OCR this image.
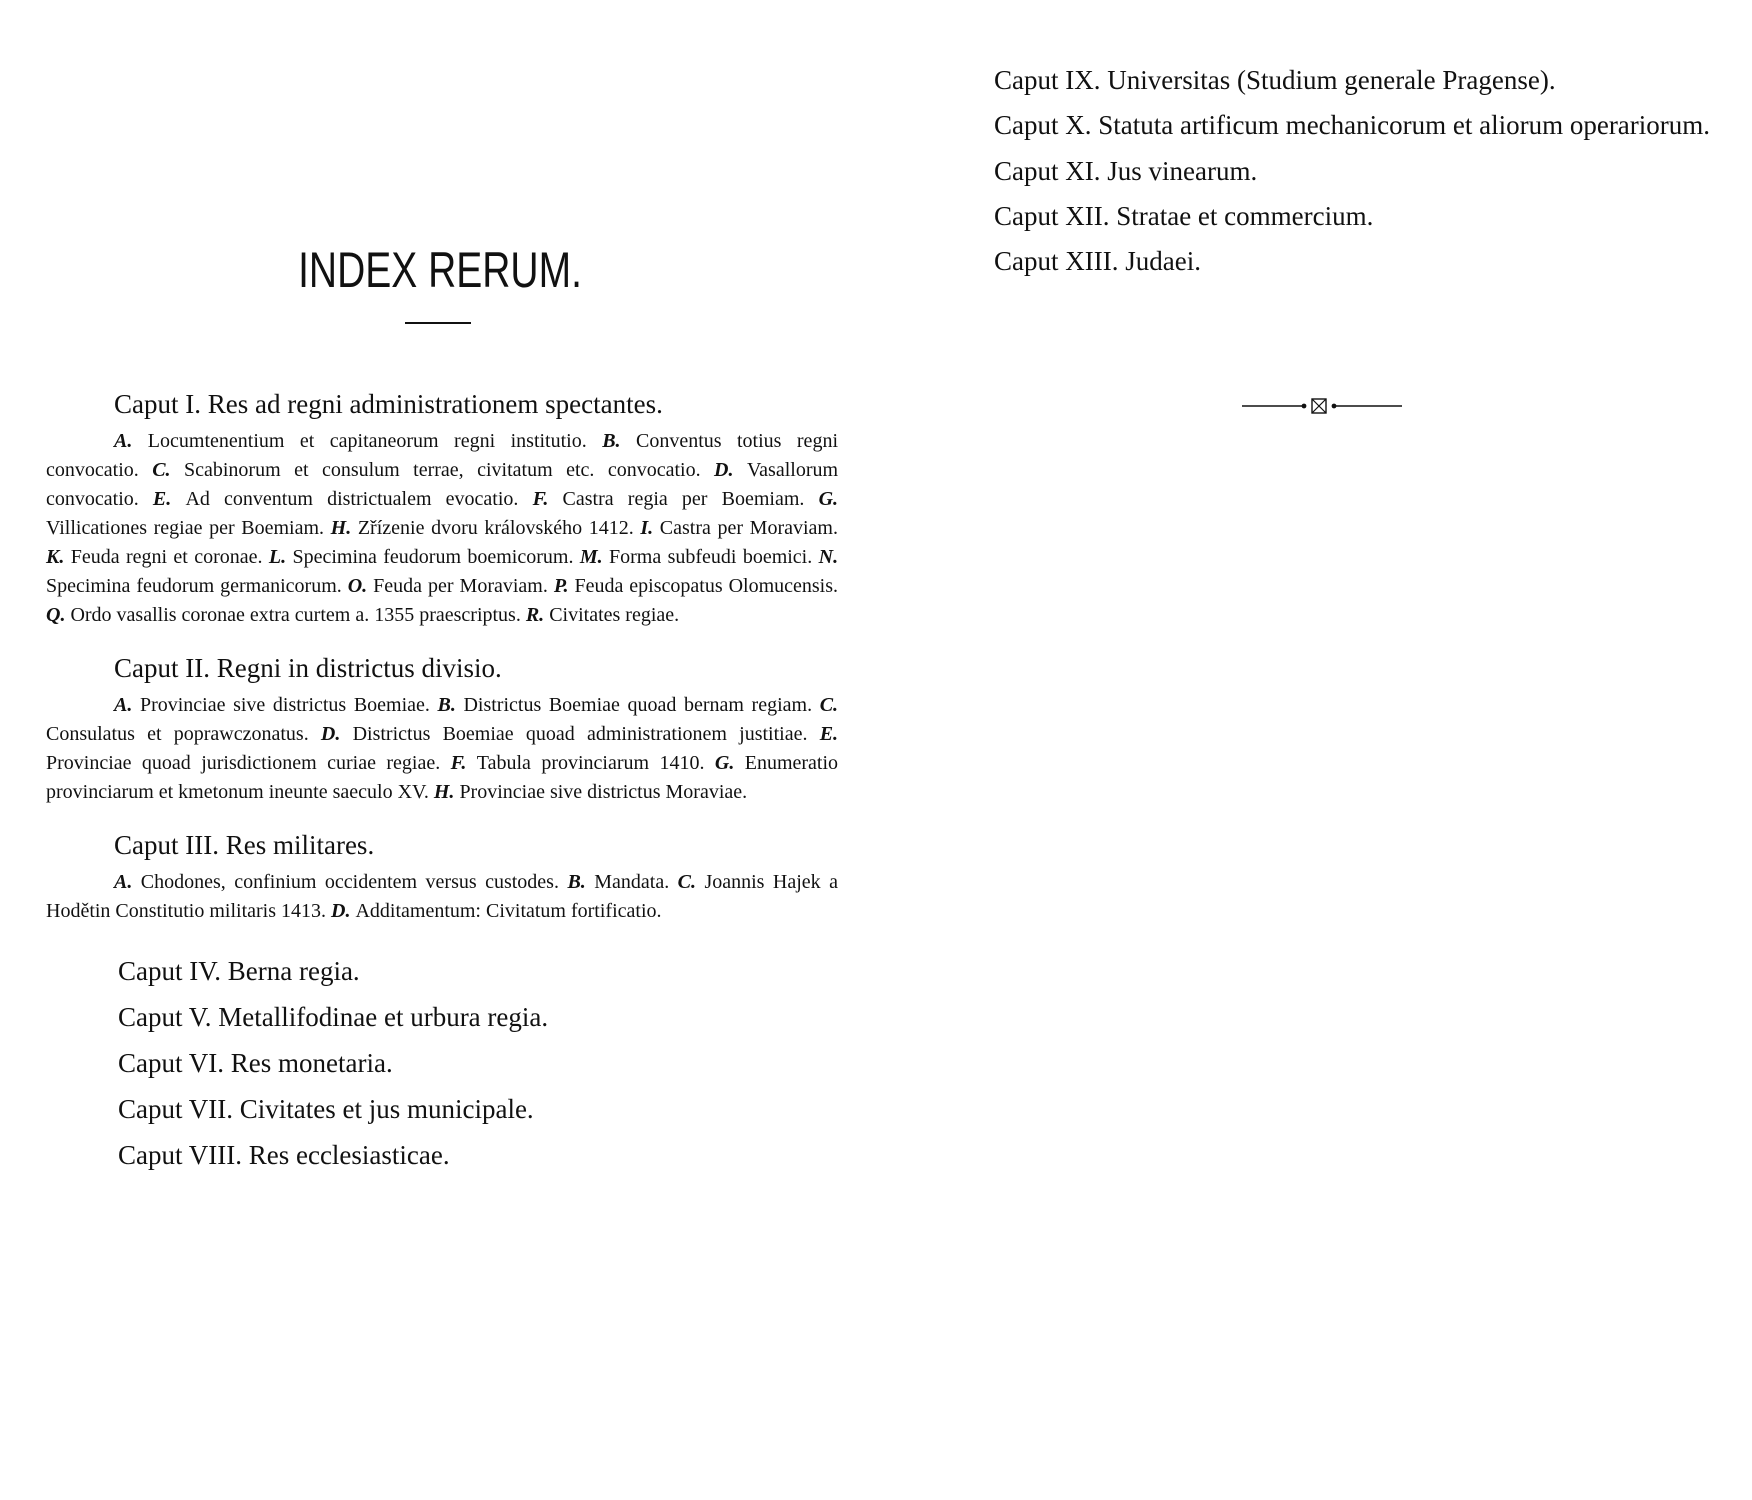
INDEX RERUM.
Caput I. Res ad regni administrationem spectantes.
A. Locumtenentium et capitaneorum regni institutio. B. Conventus totius regni convocatio. C. Scabinorum et consulum terrae, civitatum etc. convocatio. D. Vasallorum convocatio. E. Ad conventum districtualem evocatio. F. Castra regia per Boemiam. G. Villicationes regiae per Boemiam. H. Zřízenie dvoru královského 1412. I. Castra per Moraviam. K. Feuda regni et coronae. L. Specimina feudorum boemicorum. M. Forma subfeudi boemici. N. Specimina feudorum germanicorum. O. Feuda per Moraviam. P. Feuda episcopatus Olomucensis. Q. Ordo vasallis coronae extra curtem a. 1355 praescriptus. R. Civitates regiae.
Caput II. Regni in districtus divisio.
A. Provinciae sive districtus Boemiae. B. Districtus Boemiae quoad bernam regiam. C. Consulatus et poprawczonatus. D. Districtus Boemiae quoad administrationem justitiae. E. Provinciae quoad jurisdictionem curiae regiae. F. Tabula provinciarum 1410. G. Enumeratio provinciarum et kmetonum ineunte saeculo XV. H. Provinciae sive districtus Moraviae.
Caput III. Res militares.
A. Chodones, confinium occidentem versus custodes. B. Mandata. C. Joannis Hajek a Hodětin Constitutio militaris 1413. D. Additamentum: Civitatum fortificatio.
Caput IV. Berna regia.
Caput V. Metallifodinae et urbura regia.
Caput VI. Res monetaria.
Caput VII. Civitates et jus municipale.
Caput VIII. Res ecclesiasticae.
Caput IX. Universitas (Studium generale Pragense).
Caput X. Statuta artificum mechanicorum et aliorum operariorum.
Caput XI. Jus vinearum.
Caput XII. Stratae et commercium.
Caput XIII. Judaei.
